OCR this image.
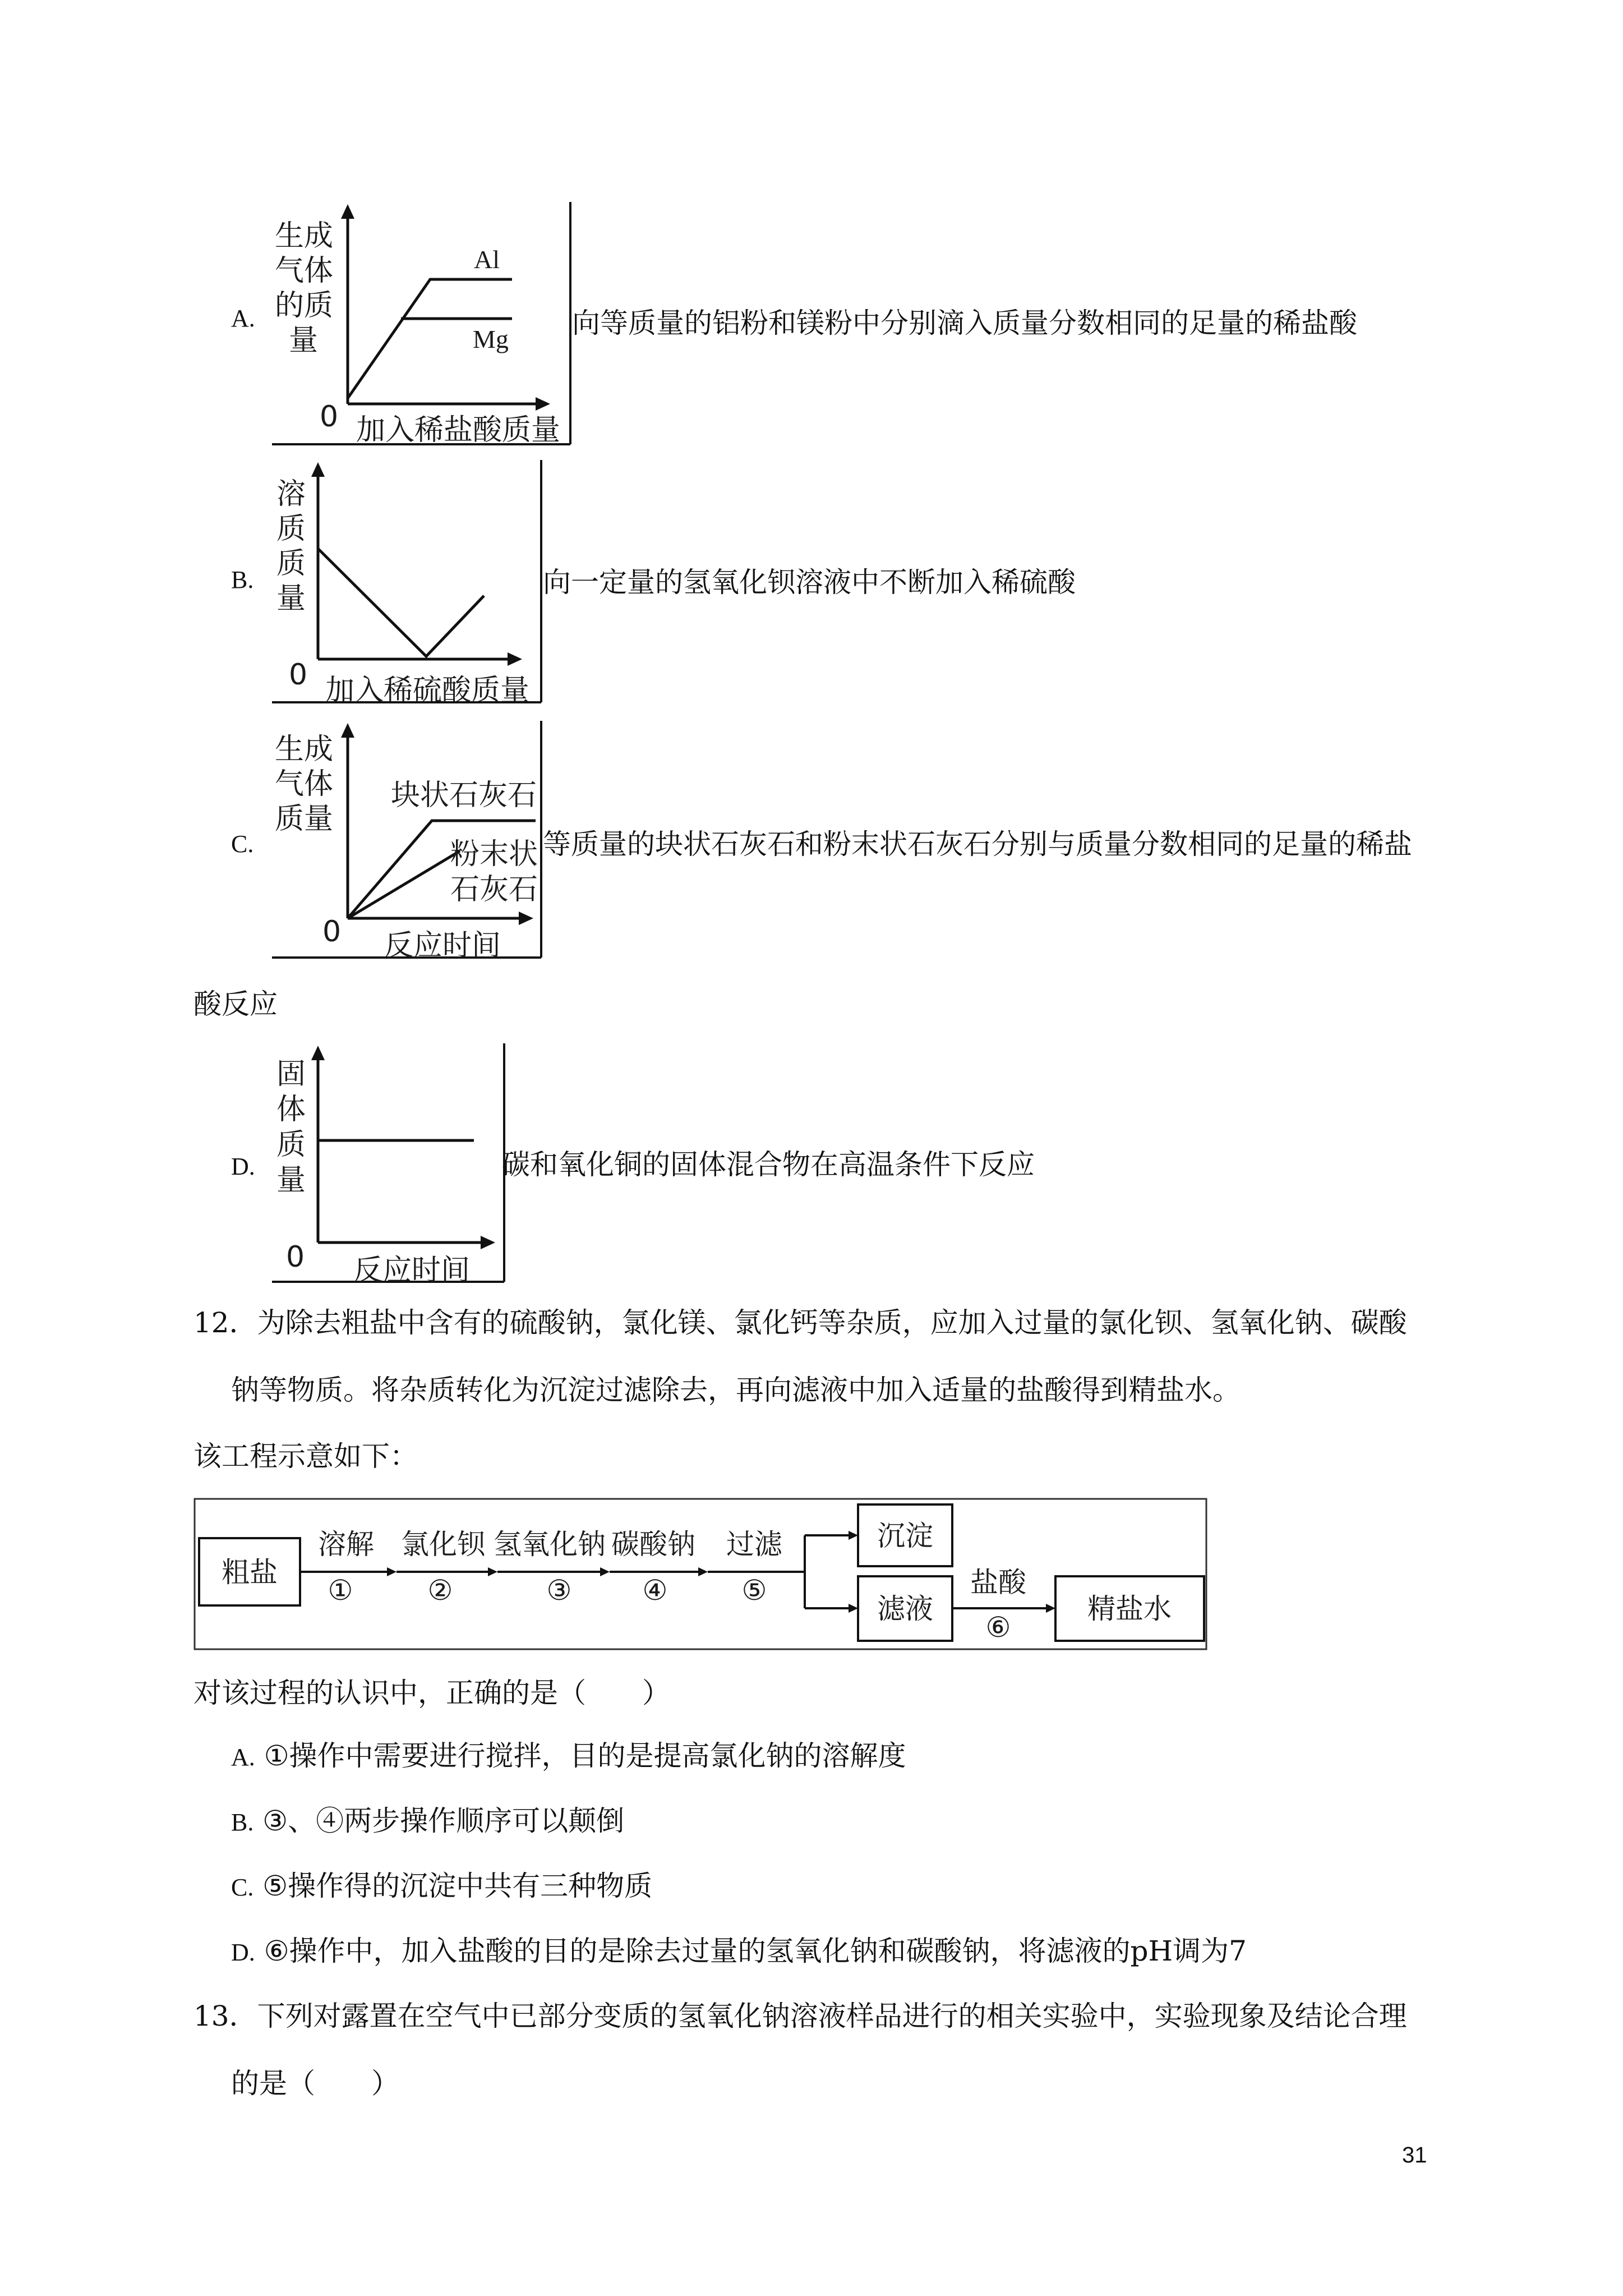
A.
Al
Mg
生成
气体
的质
量
0 加入稀盐酸质量
向等质量的铝粉和镁粉中分别滴入质量分数相同的足量的稀盐酸
B.
溶
质
质
量
0 加入稀硫酸质量
向一定量的氢氧化钡溶液中不断加入稀硫酸
C.
块状石灰石
粉末状
石灰石
生成
气体
质量
0 反应时间
等质量的块状石灰石和粉末状石灰石分别与质量分数相同的足量的稀盐
酸反应
D.
固
体
质
量
0 反应时间
碳和氧化铜的固体混合物在高温条件下反应
12．为除去粗盐中含有的硫酸钠，氯化镁、氯化钙等杂质，应加入过量的氯化钡、氢氧化钠、碳酸
钠等物质。将杂质转化为沉淀过滤除去，再向滤液中加入适量的盐酸得到精盐水。
该工程示意如下：
粗盐
溶解
①
氯化钡
②
氢氧化钠
③
碳酸钠
④
过滤
⑤
沉淀
滤液
盐酸
⑥
精盐水
对该过程的认识中，正确的是（　　）
A. ①操作中需要进行搅拌，目的是提高氯化钠的溶解度
B. ③、④两步操作顺序可以颠倒
C. ⑤操作得的沉淀中共有三种物质
D. ⑥操作中，加入盐酸的目的是除去过量的氢氧化钠和碳酸钠，将滤液的pH调为7
13．下列对露置在空气中已部分变质的氢氧化钠溶液样品进行的相关实验中，实验现象及结论合理
的是（　　）
31
